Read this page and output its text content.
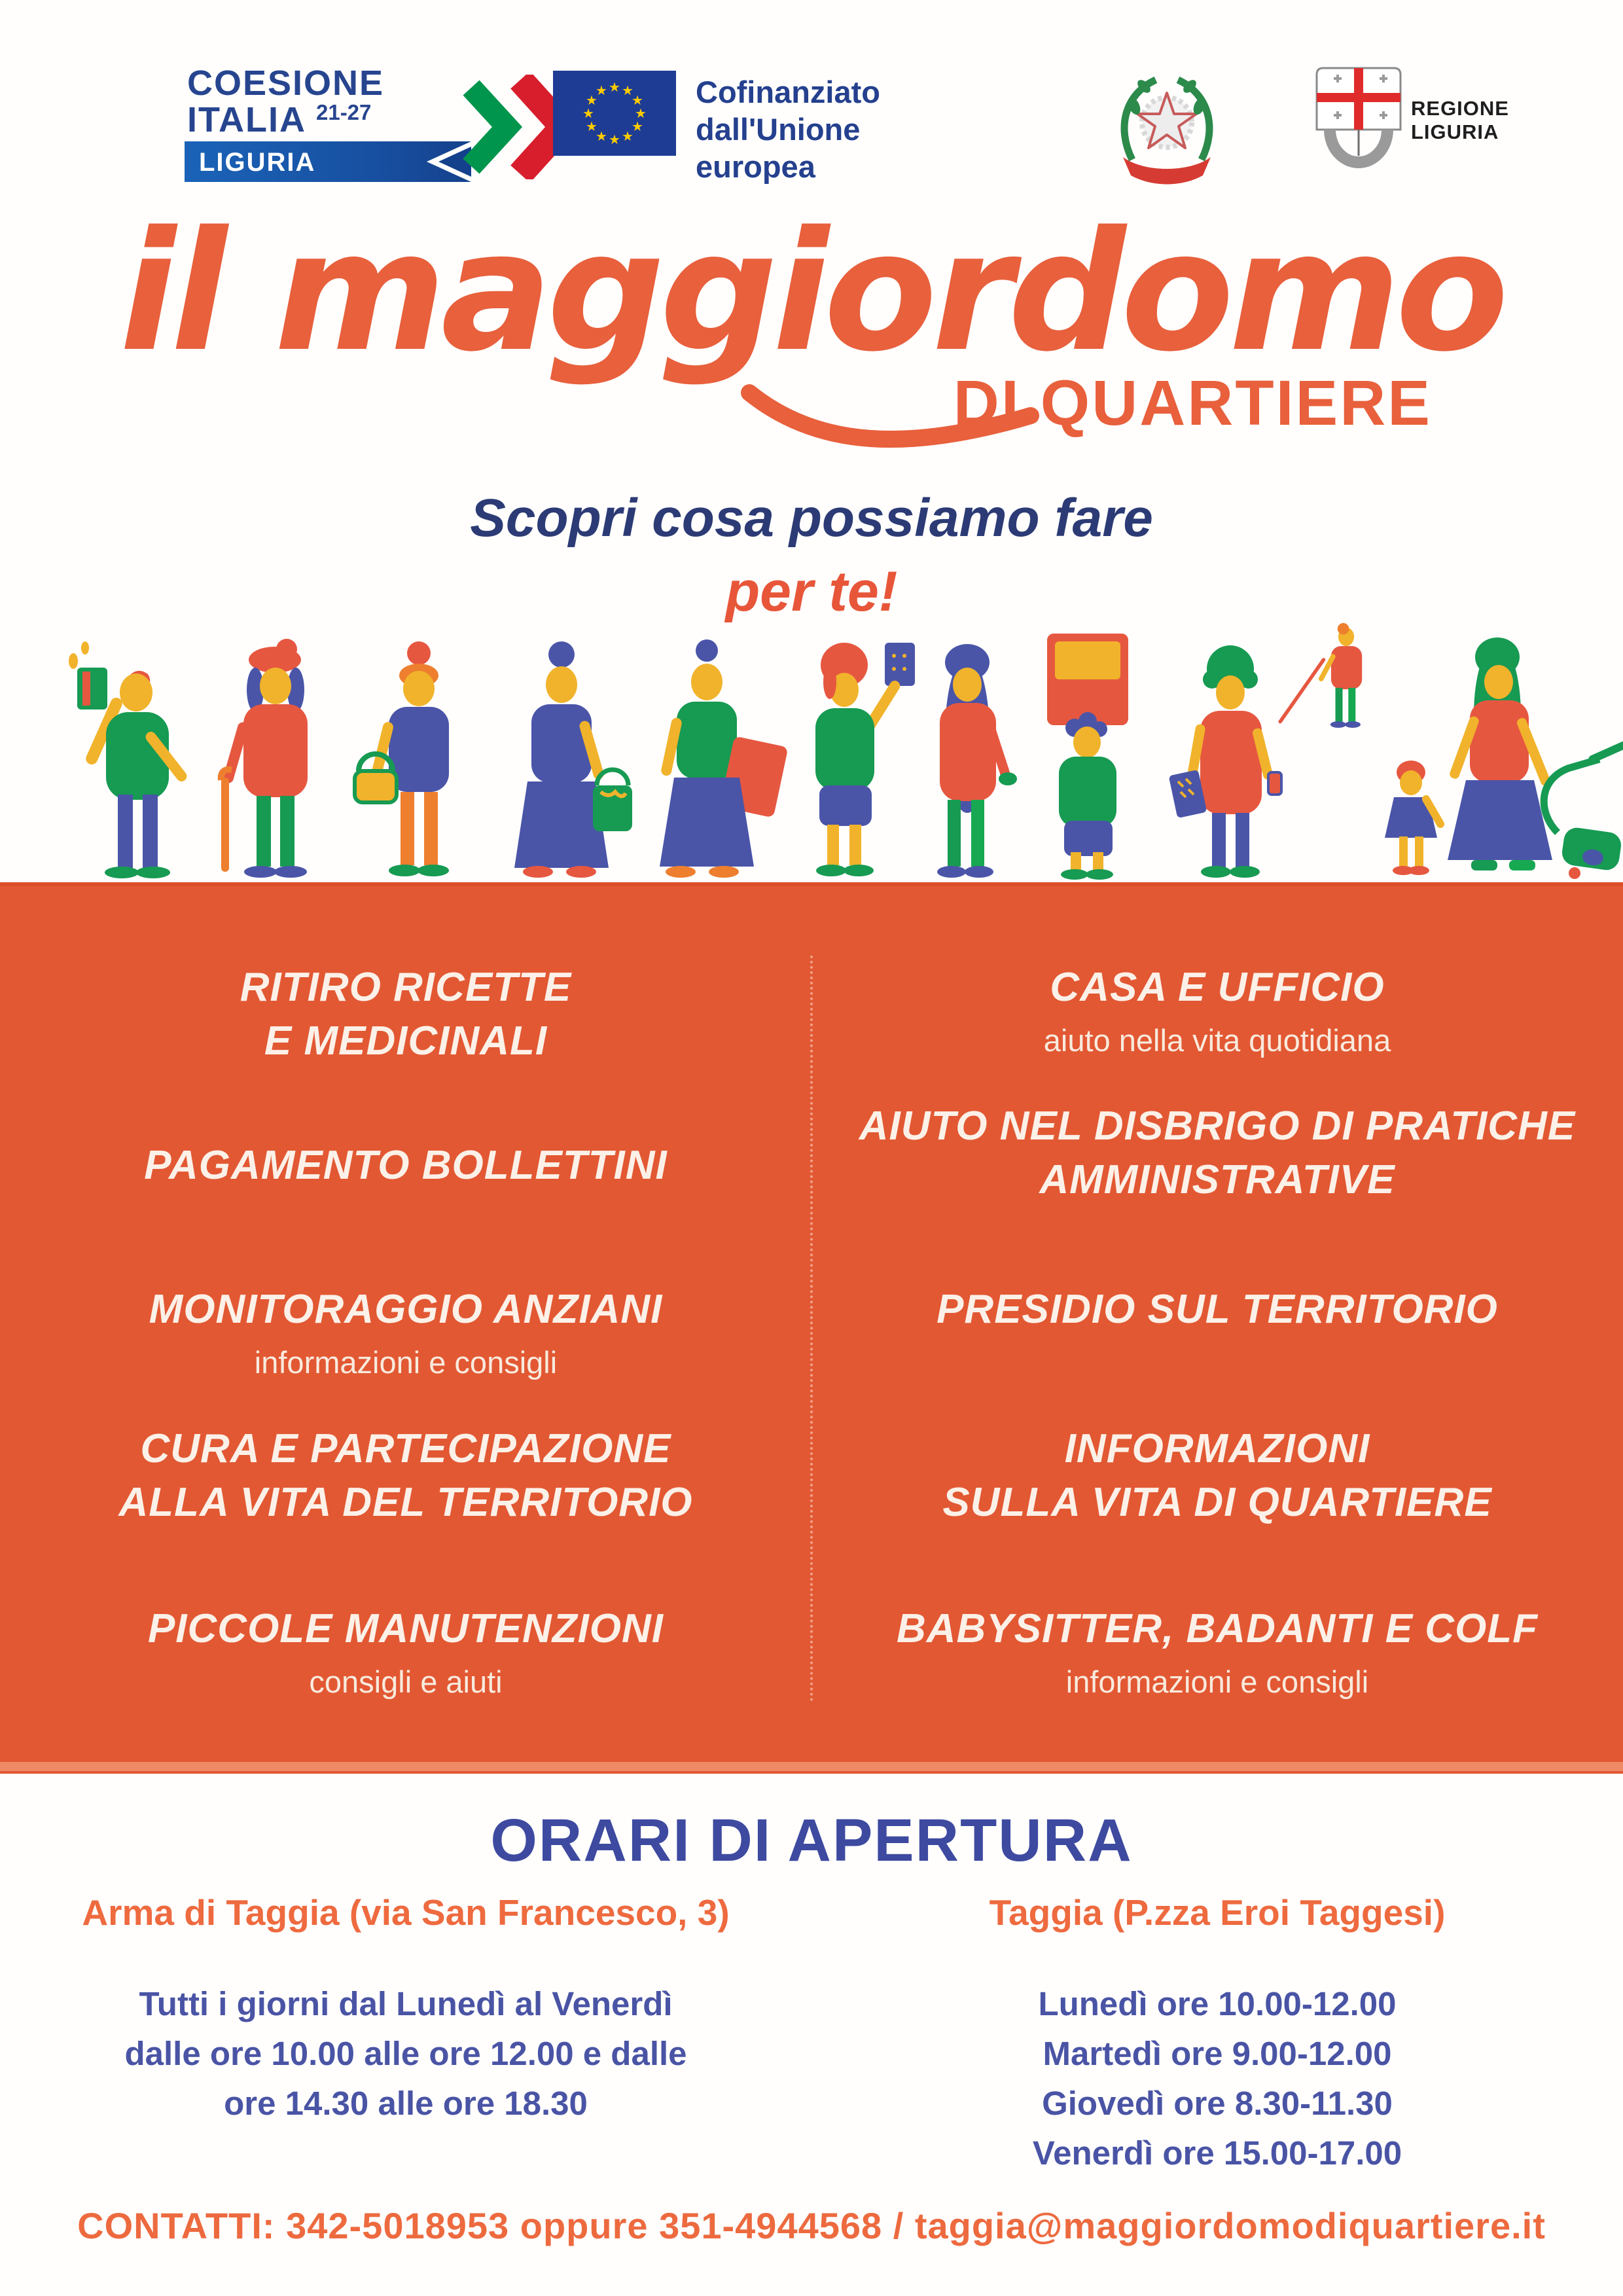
COESIONE
ITALIA $^{21-27}$
LIGURIA
★ ★
★
★
★
★
★
★
★
★
★
★	Cofinanziato
dall'Unione europea
REGIONE
LIGURIA
il maggiordomo
DI QUARTIERE
Scopri cosa possiamo fare
per te!
RITIRO RICETTE
E MEDICINALI
PAGAMENTO BOLLETTINI
MONITORAGGIO ANZIANI
informazioni e consigli
CURA E PARTECIPAZIONE
ALLA VITA DEL TERRITORIO
PICCOLE MANUTENZIONI
consigli e aiuti
CASA E UFFICIO
aiuto nella vita quotidiana
AIUTO NEL DISBRIGO DI PRATICHE
AMMINISTRATIVE
PRESIDIO SUL TERRITORIO
INFORMAZIONI
SULLA VITA DI QUARTIERE
BABYSITTER, BADANTI E COLF
informazioni e consigli
ORARI DI APERTURA
Arma di Taggia (via San Francesco, 3)
Tutti i giorni dal Lunedì al Venerdì
dalle ore 10.00 alle ore 12.00 e dalle
ore 14.30 alle ore 18.30
Taggia (P.zza Eroi Taggesi)
Lunedì ore 10.00-12.00
Martedì ore 9.00-12.00
Giovedì ore 8.30-11.30
Venerdì ore 15.00-17.00
CONTATTI: 342-5018953 oppure 351-4944568 / taggia@maggiordomodiquartiere.it
